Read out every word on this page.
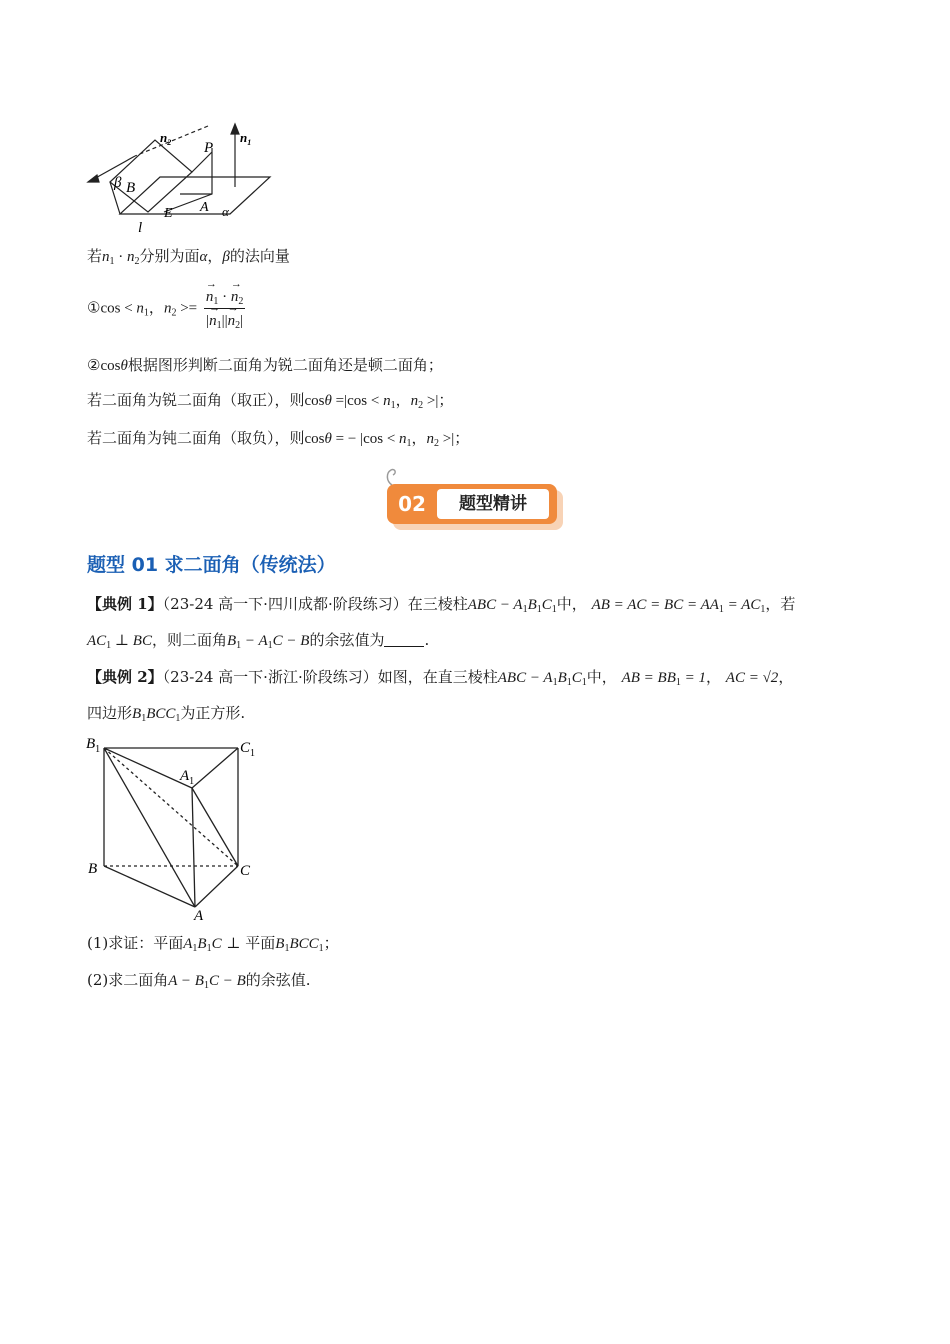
$n_2$	$n_1$
P
β B
E A α
l
若$n_1 \cdot n_2$分别为面α，β的法向量
①cos < $n_1$，$n_2$ >=
→ $\frac{n_1 \cdot \to n_2}{|\to n_1||\to n_2|}$
②cosθ根据图形判断二面角为锐二面角还是顿二面角；
若二面角为锐二面角（取正），则$\cos\theta =|\cos < n_1$，$n_2$ >|；
若二面角为钝二面角（取负），则cosθ = − $|\cos < n_1$，$n_2$ >|；
02	题型精讲
题型 01 求二面角（传统法）
【典例 1】（23-24 高一下·四川成都·阶段练习）在三棱柱ABC − $A_1B_1C_1$中， AB = AC = BC = $AA_1 = AC_1$，若
$AC_1$ ⊥ BC，则二面角$B_1 - A_1C - B$的余弦值为	.
【典例 2】（23-24 高一下·浙江·阶段练习）如图，在直三棱柱ABC − $A_1B_1C_1$中， AB = $BB_1 = 1$， AC = √2，
四边形$B_1BCC_1$为正方形.
$B_1$	$C_1$
$A_1$
B	C
A
(1)求证：平面$A_1B_1C$ ⊥ 平面$B_1BCC_1$；
(2)求二面角$A - B_1C - B$的余弦值.
